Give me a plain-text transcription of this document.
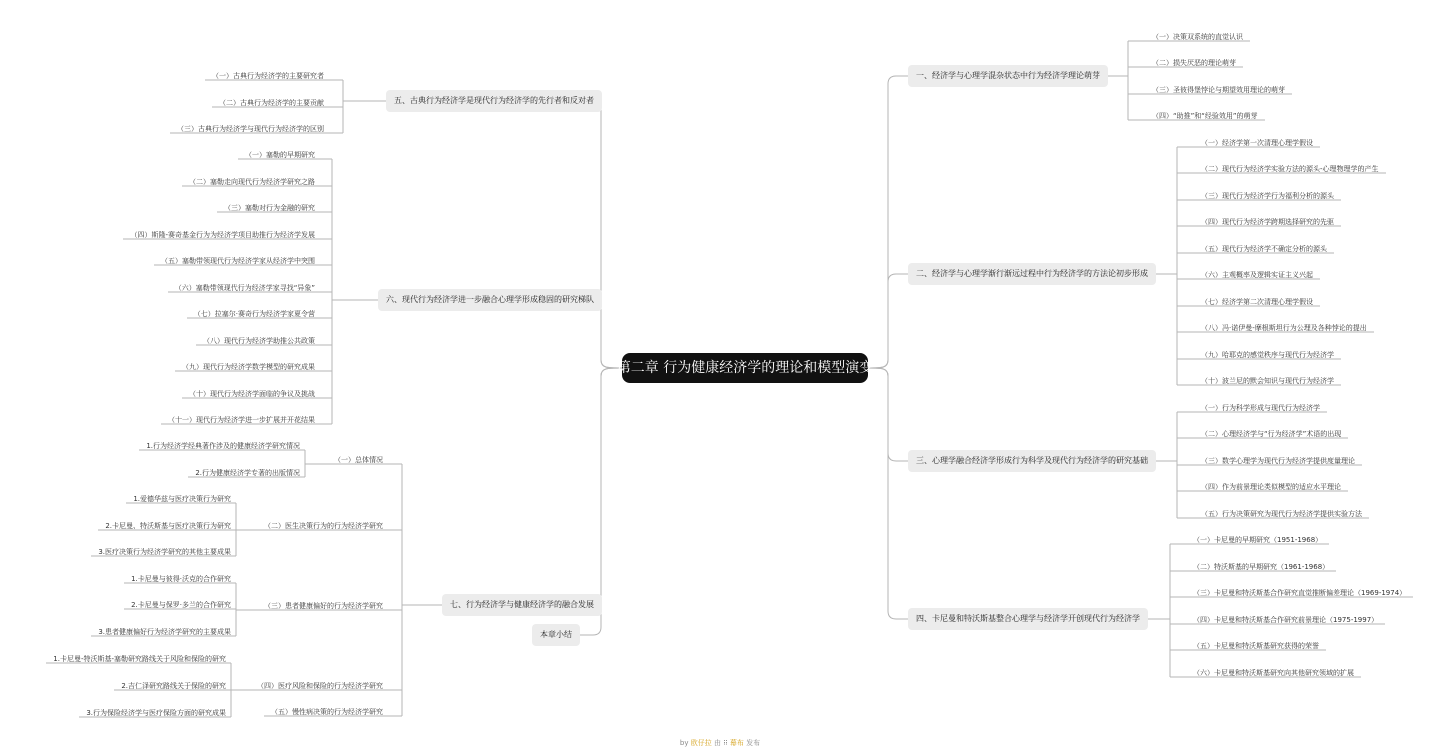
第二章 行为健康经济学的理论和模型演变
一、经济学与心理学混杂状态中行为经济学理论萌芽
二、经济学与心理学渐行渐远过程中行为经济学的方法论初步形成
三、心理学融合经济学形成行为科学及现代行为经济学的研究基础
四、卡尼曼和特沃斯基整合心理学与经济学开创现代行为经济学
（一）决策双系统的直觉认识
（二）损失厌恶的理论萌芽
（三）圣彼得堡悖论与期望效用理论的萌芽
（四）“助推”和“经验效用”的萌芽
（一）经济学第一次清理心理学假设
（二）现代行为经济学实验方法的源头-心理物理学的产生
（三）现代行为经济学行为福利分析的源头
（四）现代行为经济学跨期选择研究的先驱
（五）现代行为经济学不确定分析的源头
（六）主观概率及逻辑实证主义兴起
（七）经济学第二次清理心理学假设
（八）冯·诺伊曼-摩根斯坦行为公理及各种悖论的提出
（九）哈耶克的感觉秩序与现代行为经济学
（十）波兰尼的默会知识与现代行为经济学
（一）行为科学形成与现代行为经济学
（二）心理经济学与“行为经济学”术语的出现
（三）数学心理学为现代行为经济学提供度量理论
（四）作为前景理论类似模型的适应水平理论
（五）行为决策研究为现代行为经济学提供实验方法
（一）卡尼曼的早期研究（1951-1968）
（二）特沃斯基的早期研究（1961-1968）
（三）卡尼曼和特沃斯基合作研究直觉推断偏差理论（1969-1974）
（四）卡尼曼和特沃斯基合作研究前景理论（1975-1997）
（五）卡尼曼和特沃斯基研究获得的荣誉
（六）卡尼曼和特沃斯基研究向其他研究领域的扩展
五、古典行为经济学是现代行为经济学的先行者和反对者
六、现代行为经济学进一步融合心理学形成稳固的研究梯队
七、行为经济学与健康经济学的融合发展
本章小结
（一）古典行为经济学的主要研究者
（二）古典行为经济学的主要贡献
（三）古典行为经济学与现代行为经济学的区别
（一）塞勒的早期研究
（二）塞勒走向现代行为经济学研究之路
（三）塞勒对行为金融的研究
（四）斯隆-赛奇基金行为为经济学项目助推行为经济学发展
（五）塞勒带领现代行为经济学家从经济学中突围
（六）塞勒带领现代行为经济学家寻找“异象”
（七）拉塞尔·赛奇行为经济学家夏令营
（八）现代行为经济学助推公共政策
（九）现代行为经济学数学模型的研究成果
（十）现代行为经济学面临的争议及挑战
（十一）现代行为经济学进一步扩展并开花结果
（一）总体情况
（二）医生决策行为的行为经济学研究
（三）患者健康偏好的行为经济学研究
（四）医疗风险和保险的行为经济学研究
（五）慢性病决策的行为经济学研究
1.行为经济学经典著作涉及的健康经济学研究情况
2.行为健康经济学专著的出版情况
1.爱德华兹与医疗决策行为研究
2.卡尼曼、特沃斯基与医疗决策行为研究
3.医疗决策行为经济学研究的其他主要成果
1.卡尼曼与彼得·沃克的合作研究
2.卡尼曼与保罗·多兰的合作研究
3.患者健康偏好行为经济学研究的主要成果
1.卡尼曼-特沃斯基-塞勒研究路线关于风险和保险的研究
2.吉仁泽研究路线关于保险的研究
3.行为保险经济学与医疗保险方面的研究成果
by 欧仔拉 由 ⁝⁝ 幕布 发布
